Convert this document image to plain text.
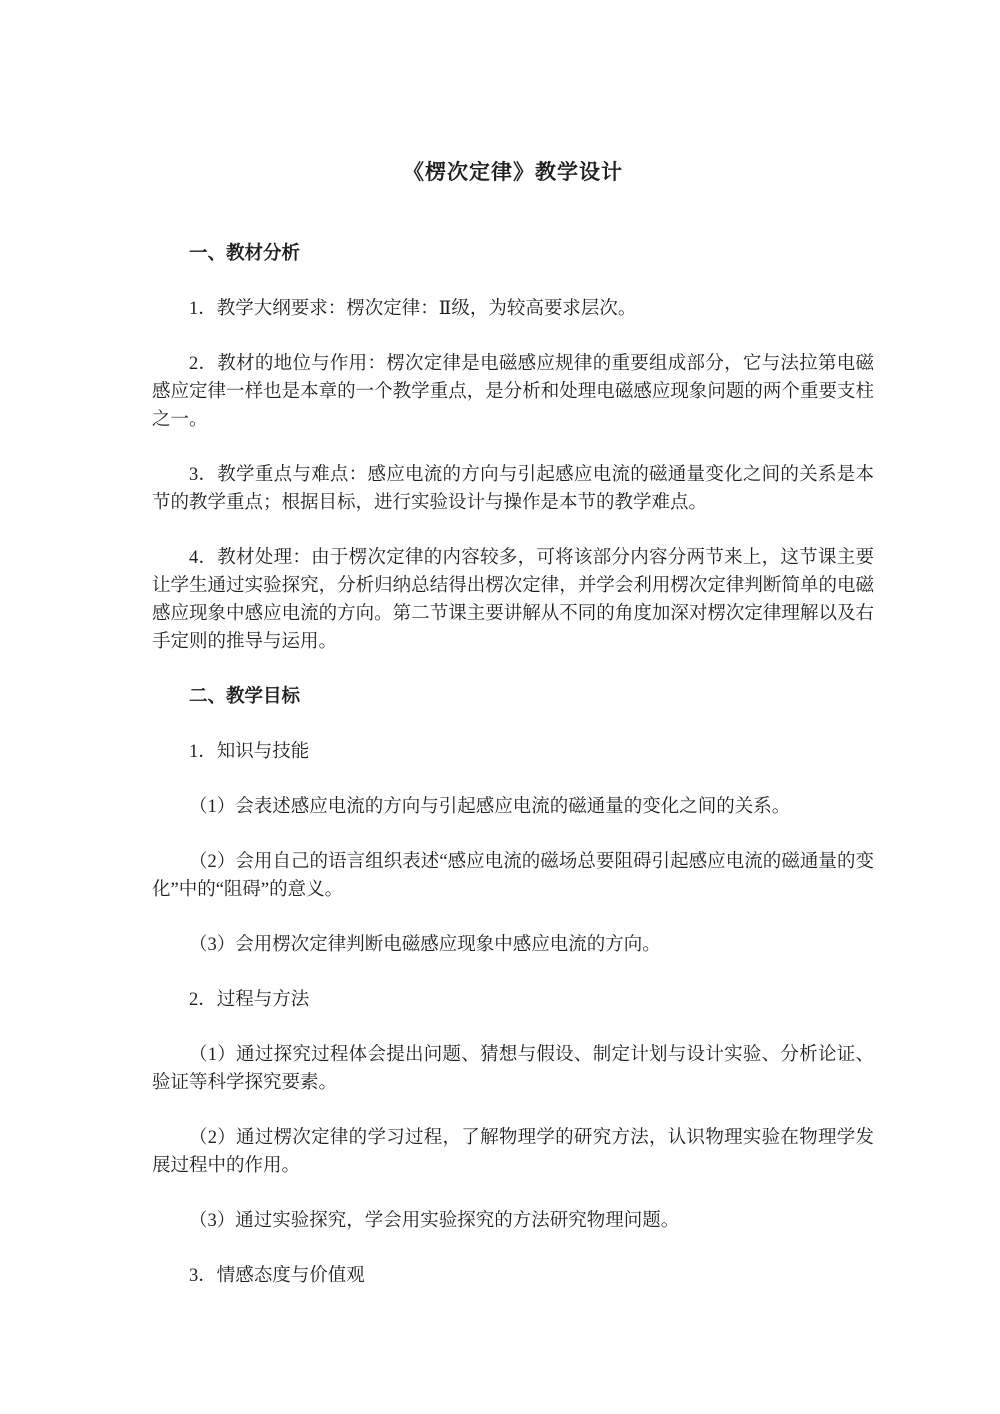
《楞次定律》教学设计
一、教材分析

1．教学大纲要求：楞次定律：Ⅱ级，为较高要求层次。

2．教材的地位与作用：楞次定律是电磁感应规律的重要组成部分，它与法拉第电磁感应定律一样也是本章的一个教学重点，是分析和处理电磁感应现象问题的两个重要支柱之一。

3．教学重点与难点：感应电流的方向与引起感应电流的磁通量变化之间的关系是本节的教学重点；根据目标，进行实验设计与操作是本节的教学难点。

4．教材处理：由于楞次定律的内容较多，可将该部分内容分两节来上，这节课主要让学生通过实验探究，分析归纳总结得出楞次定律，并学会利用楞次定律判断简单的电磁感应现象中感应电流的方向。第二节课主要讲解从不同的角度加深对楞次定律理解以及右手定则的推导与运用。

二、教学目标

1．知识与技能

（1）会表述感应电流的方向与引起感应电流的磁通量的变化之间的关系。

（2）会用自己的语言组织表述“感应电流的磁场总要阻碍引起感应电流的磁通量的变化”中的“阻碍”的意义。

（3）会用楞次定律判断电磁感应现象中感应电流的方向。

2．过程与方法

（1）通过探究过程体会提出问题、猜想与假设、制定计划与设计实验、分析论证、验证等科学探究要素。

（2）通过楞次定律的学习过程，了解物理学的研究方法，认识物理实验在物理学发展过程中的作用。

（3）通过实验探究，学会用实验探究的方法研究物理问题。

3．情感态度与价值观
